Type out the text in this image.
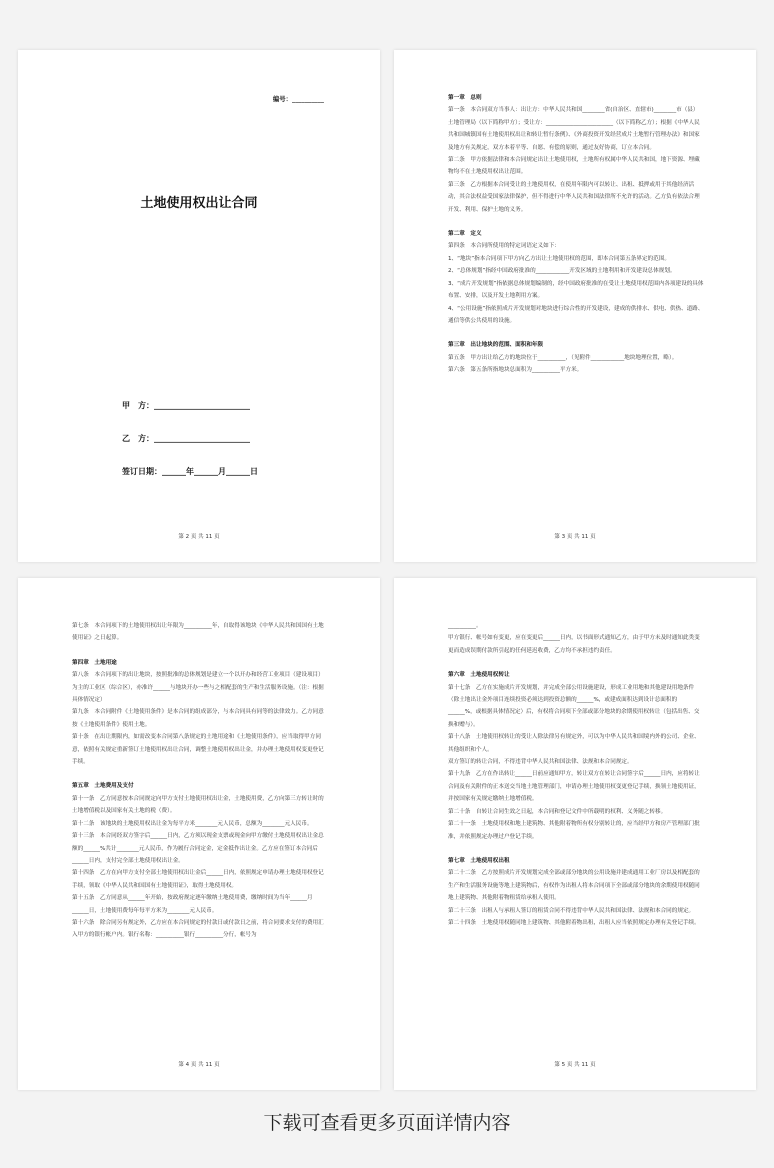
编号：__________
土地使用权出让合同
甲　方：________________________
乙　方：________________________
签订日期：______年______月______日
第 2 页 共 11 页

第一章　总则

第一条　本合同双方当事人：出让方：中华人民共和国________省(自治区、直辖市)________市（县）

土地管理局（以下简称甲方）；受让方：________________________（以下简称乙方）；根据《中华人民共和国城镇国有土地使用权出让和转让暂行条例》、《外商投资开发经营成片土地暂行管理办法》和国家及地方有关规定，双方本着平等、自愿、有偿的原则，通过友好协商，订立本合同。

第二条　甲方依据法律和本合同规定出让土地使用权，土地所有权属中华人民共和国，地下资源、埋藏物均不在土地使用权出让范围。

第三条　乙方根据本合同受让的土地使用权，在使用年限内可以转让、出租、抵押或用于其他经济活动，其合法权益受国家法律保护，但不得进行中华人民共和国法律所不允许的活动。乙方负有依法合理开发、利用、保护土地的义务。

第二章　定义

第四条　本合同所使用的特定词语定义如下：

1、“地块”指本合同项下甲方向乙方出让土地使用权的范围，即本合同第五条界定的范围。

2、“总体规划”指经中国政府批准的____________开发区域的土地利用和开发建设总体规划。

3、“成片开发规划”指依据总体规划编制的，经中国政府批准的在受让土地使用权范围内各项建设的具体布置、安排，以及开发土地利用方案。

4、“公用设施”指依照成片开发规划对地块进行综合性的开发建设，建成的供排水、供电、供热、道路、通信等供公共使用的设施。

第三章　出让地块的范围、面积和年限

第五条　甲方出让给乙方的地块位于__________，（见附件____________地块地理位置，略）。

第六条　第五条所指地块总面积为__________平方米。

第 3 页 共 11 页

第七条　本合同项下的土地使用权出让年限为__________年，自取得该地块《中华人民共和国国有土地使用证》之日起算。

第四章　土地用途

第八条　本合同项下的出让地块，按照批准的总体规划是建立一个以开办和经营工业项目（建设项目）为主的工业区（综合区），亦准许______与地块开办一些与之相配套的生产和生活服务设施。（注：根据具体情况定）

第九条　本合同附件《土地使用条件》是本合同的组成部分，与本合同具有同等的法律效力。乙方同意按《土地使用条件》使用土地。

第十条　在出让期限内，如需改变本合同第八条规定的土地用途和《土地使用条件》，应当取得甲方同意，依照有关规定重新签订土地使用权出让合同，调整土地使用权出让金，并办理土地使用权变更登记手续。

第五章　土地费用及支付

第十一条　乙方同意按本合同规定向甲方支付土地使用权出让金，土地使用费，乙方向第三方转让时的土地增值税以及国家有关土地的税（费）。

第十二条　该地块的土地使用权出让金为每平方米________元人民币，总额为________元人民币。

第十三条　本合同经双方签字后______日内，乙方须以现金支票或现金向甲方缴付土地使用权出让金总额的______%共计________元人民币，作为履行合同定金，定金抵作出让金。乙方应在签订本合同后______日内，支付完全部土地使用权出让金。

第十四条　乙方在向甲方支付全部土地使用权出让金后______日内，依照规定申请办理土地使用权登记手续，领取《中华人民共和国国有土地使用证》，取得土地使用权。

第十五条　乙方同意从______年开始，按政府规定逐年缴纳土地使用费，缴纳时间为当年______月______日，土地使用费每年每平方米为________元人民币。

第十六条　除合同另有规定外，乙方应在本合同规定的付款日或付款日之前，将合同要求支付的费用汇入甲方的银行帐户内。银行名称：__________银行__________分行，帐号为

第 4 页 共 11 页

__________。

甲方银行、帐号如有变更，应在变更后______日内，以书面形式通知乙方，由于甲方未及时通知此类变更而造成误期付款所引起的任何延迟收费，乙方均不承担违约责任。

第六章　土地使用权转让

第十七条　乙方在实施成片开发规划，并完成全部公用设施建设，形成工业用地和其他建设用地条件（除土地出让金外项目连续投资必须达到投资总额的______%，或建成面积达到设计总面积的______%，或根据具体情况定）后，有权将合同项下全部或部分地块的余期使用权转让（包括出售、交换和赠与）。

第十八条　土地使用权转让的受让人除法律另有规定外，可以为中华人民共和国境内外的公司、企业、其他组织和个人。

双方签订的转让合同，不得违背中华人民共和国法律、法规和本合同规定。

第十九条　乙方在作出转让______日前应通知甲方，转让双方在转让合同签字后______日内，应将转让合同及有关附件的正本送交当地土地管理部门，申请办理土地使用权变更登记手续，换领土地使用证，并按国家有关规定缴纳土地增值税。

第二十条　自转让合同生效之日起，本合同和登记文件中所载明的权利、义务随之转移。

第二十一条　土地使用权和地上建筑物、其他附着物所有权分别转让的，应当经甲方和房产管理部门批准，并依照规定办理过户登记手续。

第七章　土地使用权出租

第二十二条　乙方按照成片开发规划完成全部或部分地块的公用设施并建成通用工业厂房以及相配套的生产和生活服务设施等地上建筑物后，有权作为出租人将本合同项下全部或部分地块的余期使用权随同地上建筑物、其他附着物租赁给承租人使用。

第二十三条　出租人与承租人签订的租赁合同不得违背中华人民共和国法律、法规和本合同的规定。

第二十四条　土地使用权随同地上建筑物、其他附着物出租，出租人应当依照规定办理有关登记手续。

第 5 页 共 11 页
下载可查看更多页面详情内容
